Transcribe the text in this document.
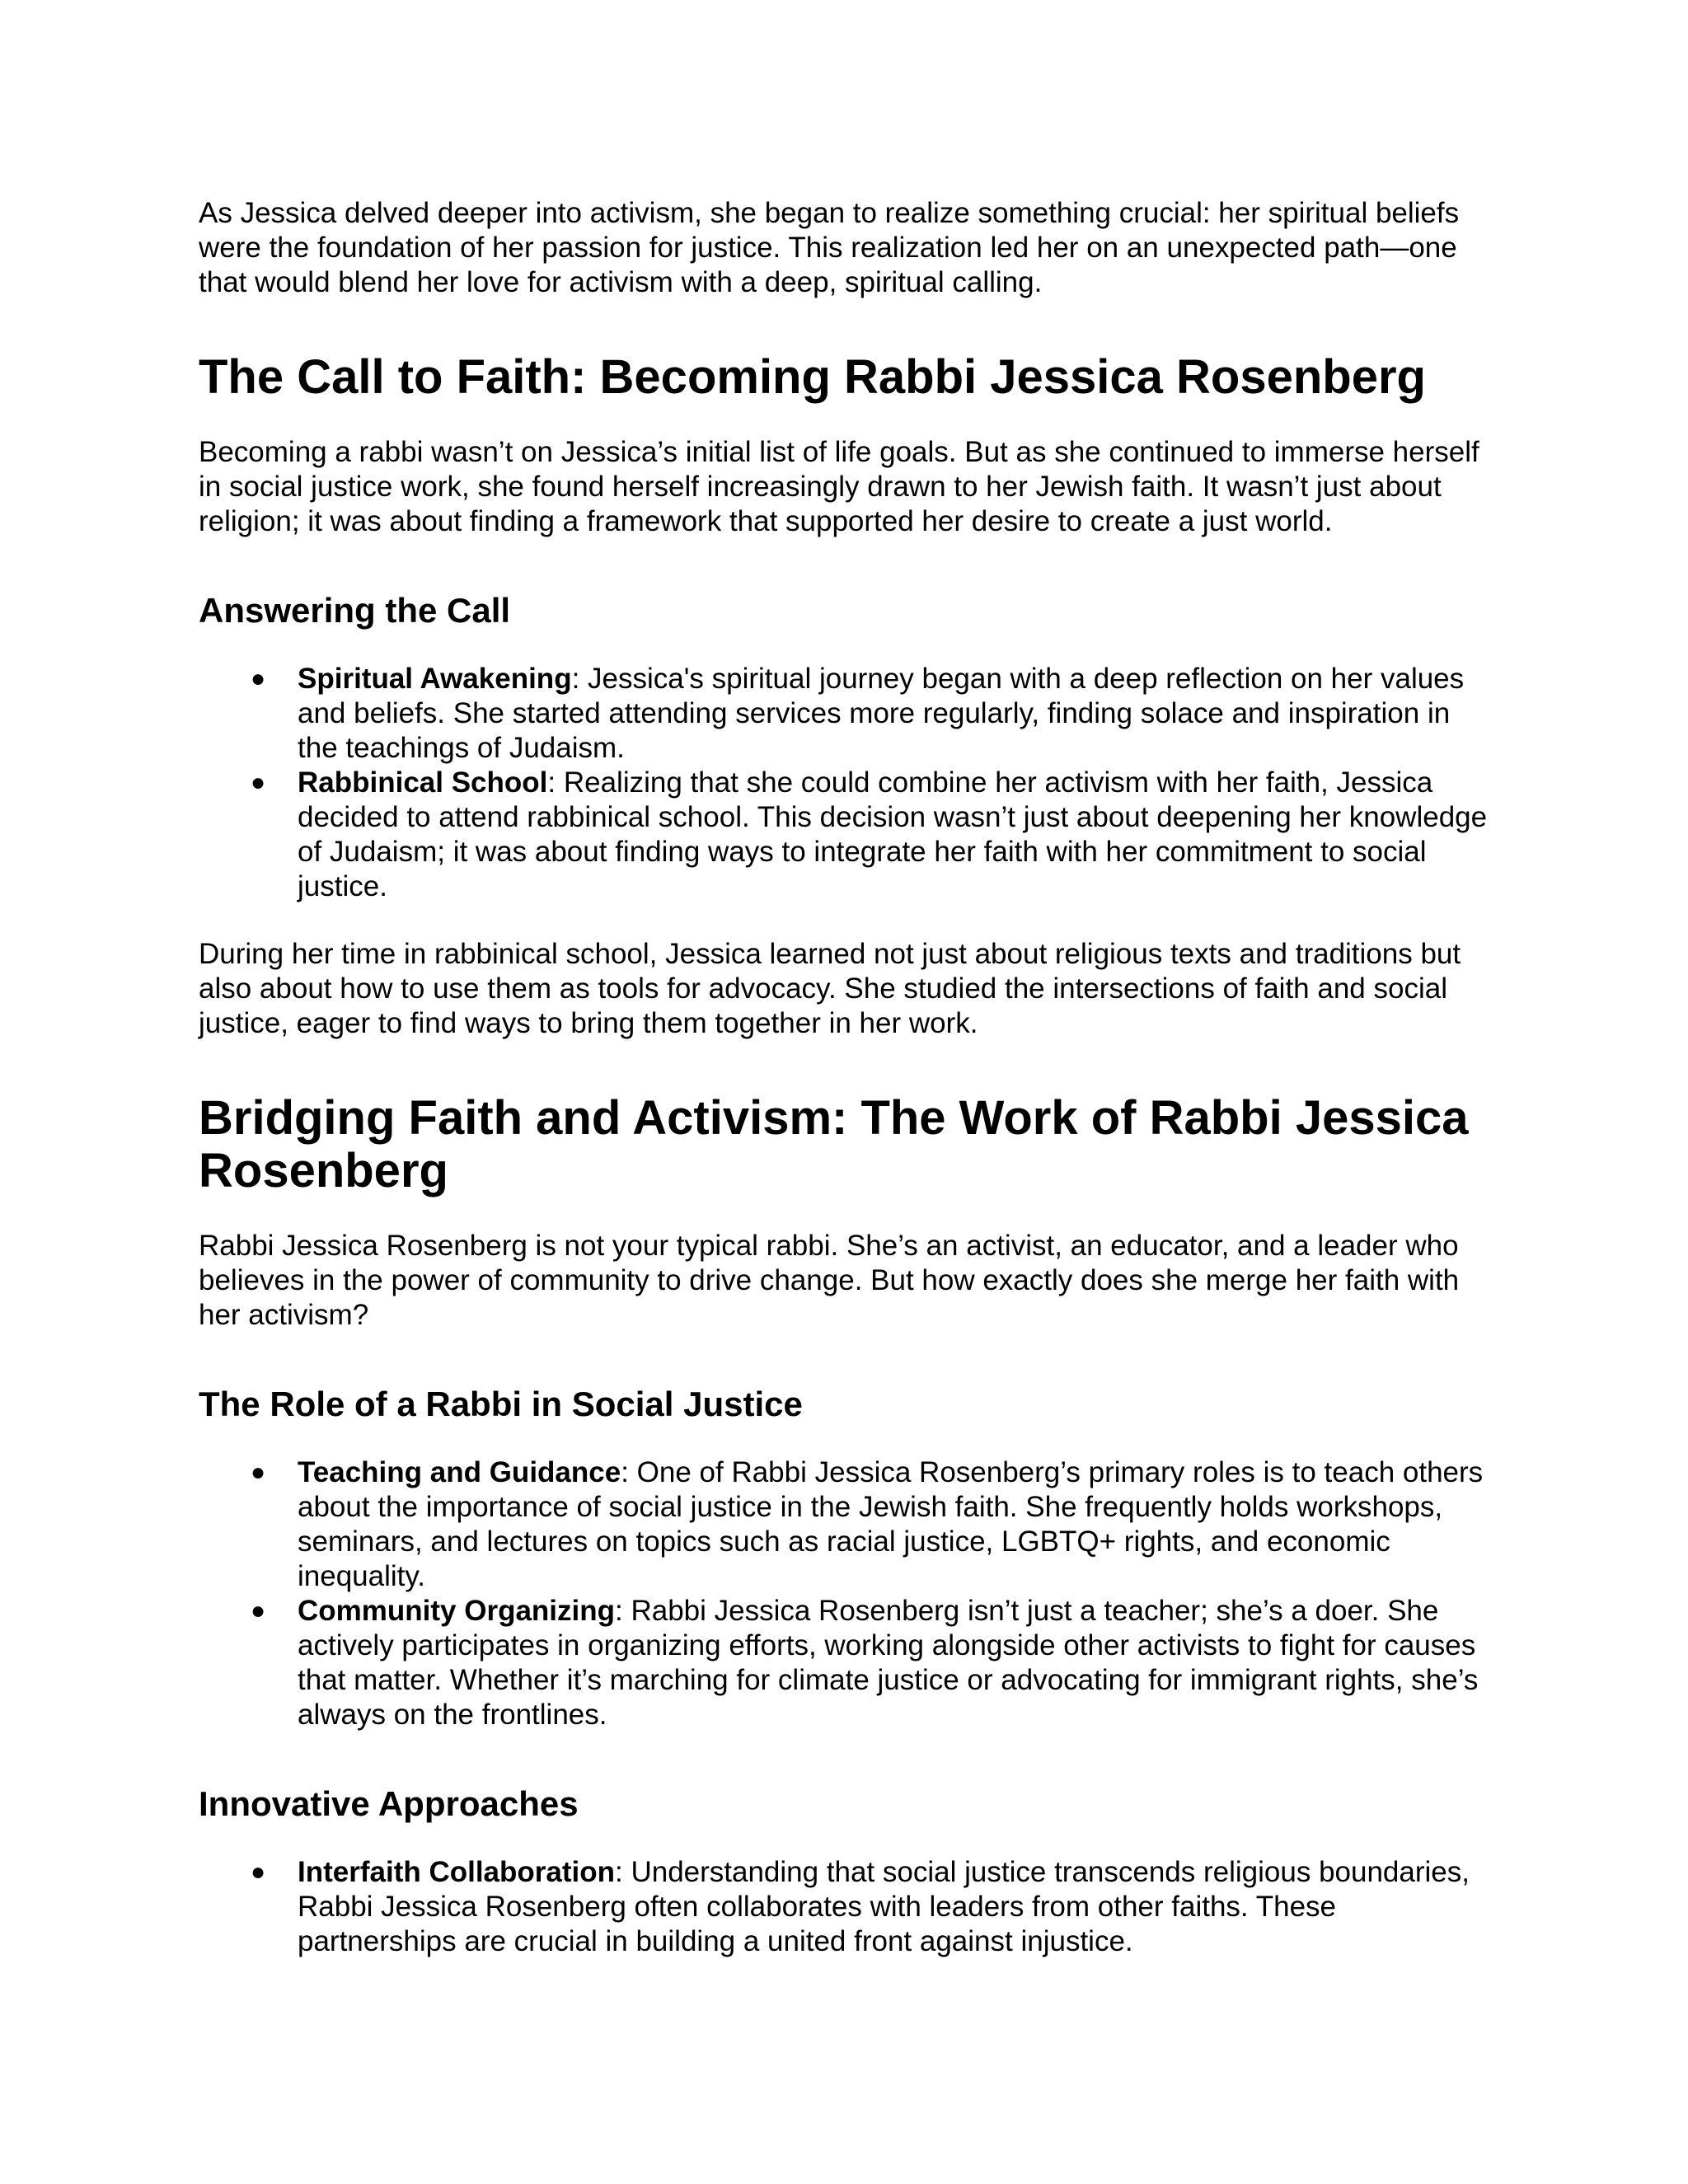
As Jessica delved deeper into activism, she began to realize something crucial: her spiritual beliefs were the foundation of her passion for justice. This realization led her on an unexpected path—one that would blend her love for activism with a deep, spiritual calling.

The Call to Faith: Becoming Rabbi Jessica Rosenberg

Becoming a rabbi wasn’t on Jessica’s initial list of life goals. But as she continued to immerse herself in social justice work, she found herself increasingly drawn to her Jewish faith. It wasn’t just about religion; it was about finding a framework that supported her desire to create a just world.

Answering the Call
● Spiritual Awakening: Jessica's spiritual journey began with a deep reflection on her values and beliefs. She started attending services more regularly, finding solace and inspiration in the teachings of Judaism.
● Rabbinical School: Realizing that she could combine her activism with her faith, Jessica decided to attend rabbinical school. This decision wasn’t just about deepening her knowledge of Judaism; it was about finding ways to integrate her faith with her commitment to social justice.

During her time in rabbinical school, Jessica learned not just about religious texts and traditions but also about how to use them as tools for advocacy. She studied the intersections of faith and social justice, eager to find ways to bring them together in her work.

Bridging Faith and Activism: The Work of Rabbi Jessica Rosenberg

Rabbi Jessica Rosenberg is not your typical rabbi. She’s an activist, an educator, and a leader who believes in the power of community to drive change. But how exactly does she merge her faith with her activism?

The Role of a Rabbi in Social Justice
● Teaching and Guidance: One of Rabbi Jessica Rosenberg’s primary roles is to teach others about the importance of social justice in the Jewish faith. She frequently holds workshops, seminars, and lectures on topics such as racial justice, LGBTQ+ rights, and economic inequality.
● Community Organizing: Rabbi Jessica Rosenberg isn’t just a teacher; she’s a doer. She actively participates in organizing efforts, working alongside other activists to fight for causes that matter. Whether it’s marching for climate justice or advocating for immigrant rights, she’s always on the frontlines.
Innovative Approaches
● Interfaith Collaboration: Understanding that social justice transcends religious boundaries, Rabbi Jessica Rosenberg often collaborates with leaders from other faiths. These partnerships are crucial in building a united front against injustice.
